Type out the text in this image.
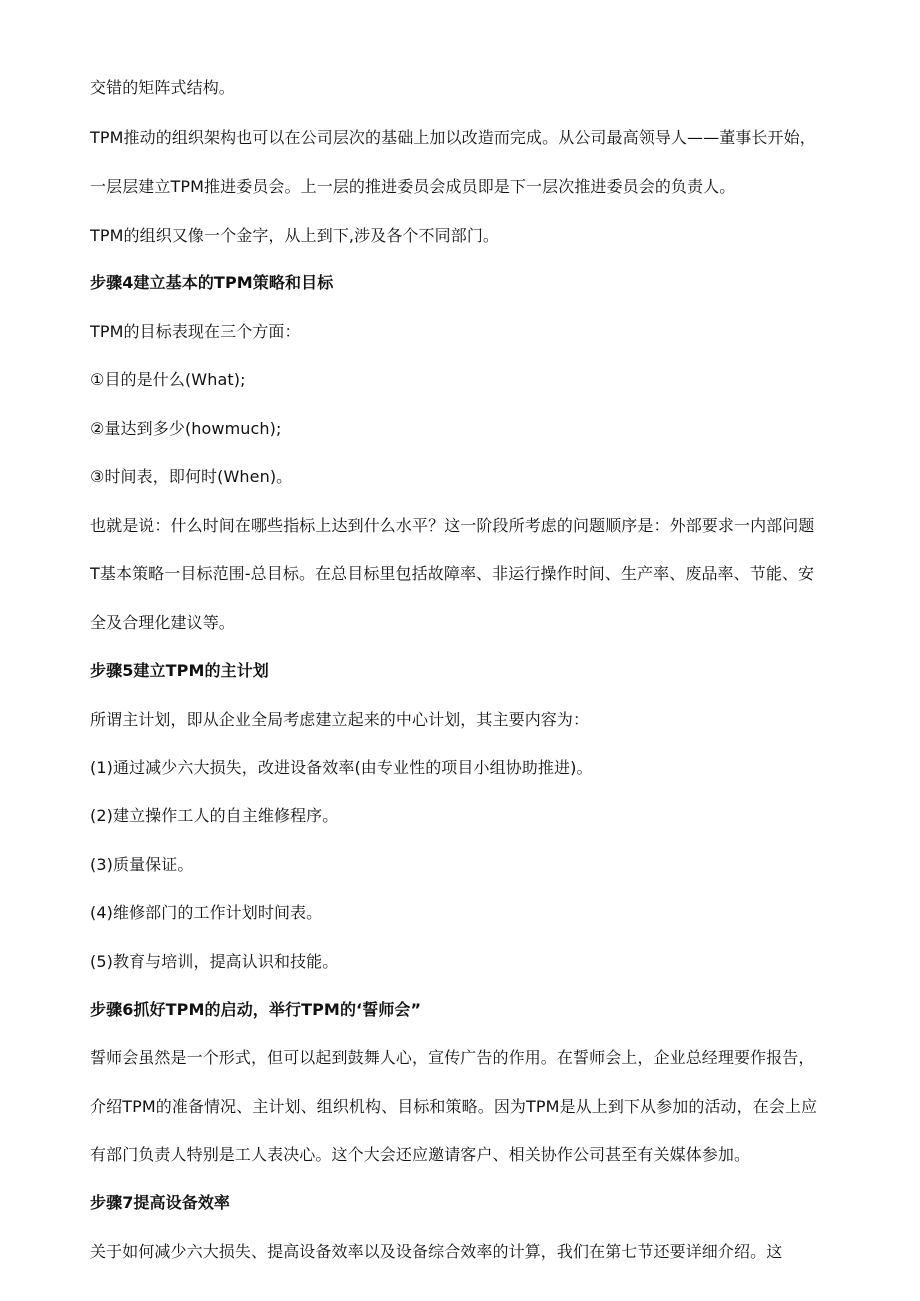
交错的矩阵式结构。
TPM推动的组织架构也可以在公司层次的基础上加以改造而完成。从公司最高领导人——董事长开始，
一层层建立TPM推进委员会。上一层的推进委员会成员即是下一层次推进委员会的负责人。
TPM的组织又像一个金字，从上到下,涉及各个不同部门。
步骤4建立基本的TPM策略和目标
TPM的目标表现在三个方面：
①目的是什么(What);
②量达到多少(howmuch);
③时间表，即何时(When)。
也就是说：什么时间在哪些指标上达到什么水平？这一阶段所考虑的问题顺序是：外部要求一内部问题
T基本策略一目标范围-总目标。在总目标里包括故障率、非运行操作时间、生产率、废品率、节能、安
全及合理化建议等。
步骤5建立TPM的主计划
所谓主计划，即从企业全局考虑建立起来的中心计划，其主要内容为：
(1)通过减少六大损失，改进设备效率(由专业性的项目小组协助推进)。
(2)建立操作工人的自主维修程序。
(3)质量保证。
(4)维修部门的工作计划时间表。
(5)教育与培训，提高认识和技能。
步骤6抓好TPM的启动，举行TPM的‘誓师会”
誓师会虽然是一个形式，但可以起到鼓舞人心，宣传广告的作用。在誓师会上，企业总经理要作报告，
介绍TPM的准备情况、主计划、组织机构、目标和策略。因为TPM是从上到下从参加的活动，在会上应
有部门负责人特别是工人表决心。这个大会还应邀请客户、相关协作公司甚至有关媒体参加。
步骤7提高设备效率
关于如何减少六大损失、提高设备效率以及设备综合效率的计算，我们在第七节还要详细介绍。这
